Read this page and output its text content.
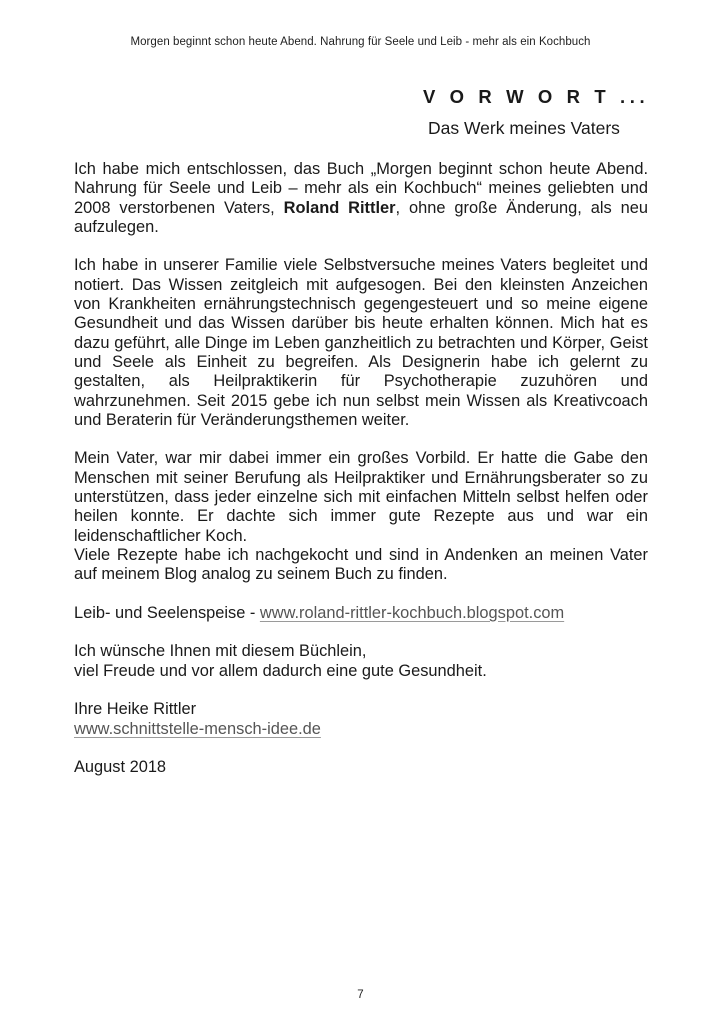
Morgen beginnt schon heute Abend. Nahrung für Seele und Leib - mehr als ein Kochbuch
V O R W O R T ...
Das Werk meines Vaters

Ich habe mich entschlossen, das Buch „Morgen beginnt schon heute Abend. Nahrung für Seele und Leib – mehr als ein Kochbuch“ meines geliebten und 2008 verstorbenen Vaters, Roland Rittler, ohne große Änderung, als neu aufzulegen.

Ich habe in unserer Familie viele Selbstversuche meines Vaters begleitet und notiert. Das Wissen zeitgleich mit aufgesogen. Bei den kleinsten Anzeichen von Krankheiten ernährungstechnisch gegengesteuert und so meine eigene Gesundheit und das Wissen darüber bis heute erhalten können. Mich hat es dazu geführt, alle Dinge im Leben ganzheitlich zu betrachten und Körper, Geist und Seele als Einheit zu begreifen. Als Designerin habe ich gelernt zu gestalten, als Heilpraktikerin für Psychotherapie zuzuhören und wahrzunehmen. Seit 2015 gebe ich nun selbst mein Wissen als Kreativcoach und Beraterin für Veränderungsthemen weiter.

Mein Vater, war mir dabei immer ein großes Vorbild. Er hatte die Gabe den Menschen mit seiner Berufung als Heilpraktiker und Ernährungsberater so zu unterstützen, dass jeder einzelne sich mit einfachen Mitteln selbst helfen oder heilen konnte. Er dachte sich immer gute Rezepte aus und war ein leidenschaftlicher Koch.
Viele Rezepte habe ich nachgekocht und sind in Andenken an meinen Vater auf meinem Blog analog zu seinem Buch zu finden.

Leib- und Seelenspeise - www.roland-rittler-kochbuch.blogspot.com

Ich wünsche Ihnen mit diesem Büchlein,
viel Freude und vor allem dadurch eine gute Gesundheit.

Ihre Heike Rittler
www.schnittstelle-mensch-idee.de

August 2018

7
